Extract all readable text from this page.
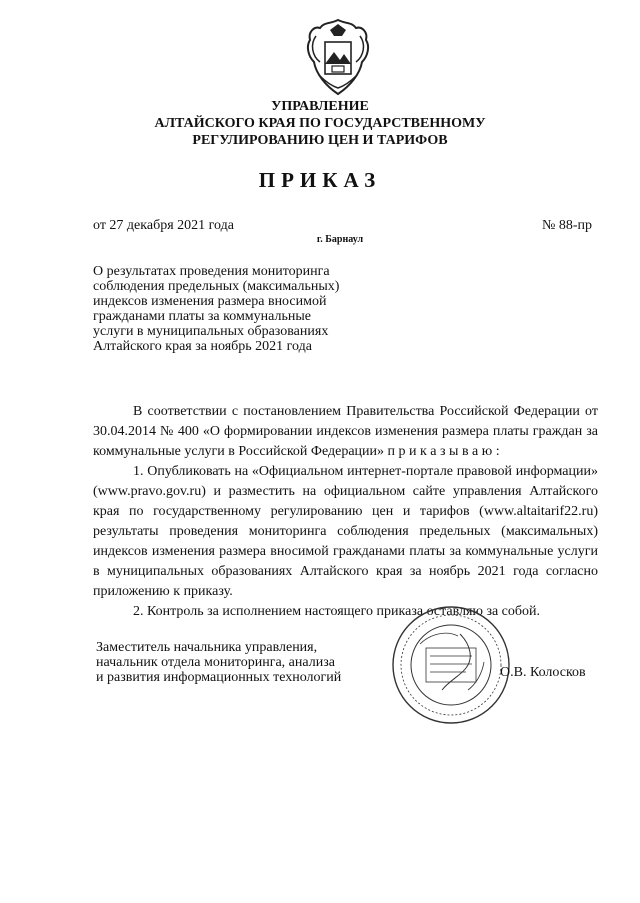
УПРАВЛЕНИЕ
АЛТАЙСКОГО КРАЯ ПО ГОСУДАРСТВЕННОМУ
РЕГУЛИРОВАНИЮ ЦЕН И ТАРИФОВ
ПРИКАЗ
от 27 декабря 2021 года	№ 88-пр
г. Барнаул
О результатах проведения мониторинга
соблюдения предельных (максимальных)
индексов изменения размера вносимой
гражданами платы за коммунальные
услуги в муниципальных образованиях
Алтайского края за ноябрь 2021 года

В соответствии с постановлением Правительства Российской Федерации от 30.04.2014 № 400 «О формировании индексов изменения размера платы граждан за коммунальные услуги в Российской Федерации» п р и к а з ы в а ю :

1. Опубликовать на «Официальном интернет-портале правовой информации» (www.pravo.gov.ru) и разместить на официальном сайте управления Алтайского края по государственному регулированию цен и тарифов (www.altaitarif22.ru) результаты проведения мониторинга соблюдения предельных (максимальных) индексов изменения размера вносимой гражданами платы за коммунальные услуги в муниципальных образованиях Алтайского края за ноябрь 2021 года согласно приложению к приказу.

2. Контроль за исполнением настоящего приказа оставляю за собой.

Заместитель начальника управления,
начальник отдела мониторинга, анализа
и развития информационных технологий	О.В. Колосков
